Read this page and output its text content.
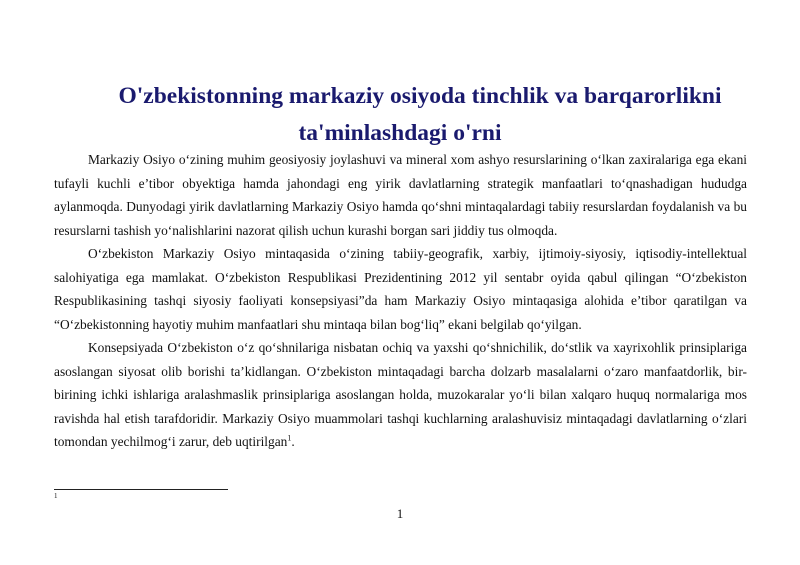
O'zbekistonning markaziy osiyoda tinchlik va barqarorlikni
ta'minlashdagi o'rni

Markaziy Osiyo o‘zining muhim geosiyosiy joylashuvi va mineral xom ashyo resurslarining o‘lkan zaxiralariga ega ekani tufayli kuchli e’tibor obyektiga hamda jahondagi eng yirik davlatlarning strategik manfaatlari to‘qnashadigan hududga aylanmoqda. Dunyodagi yirik davlatlarning Markaziy Osiyo hamda qo‘shni mintaqalardagi tabiiy resurslardan foydalanish va bu resurslarni tashish yo‘nalishlarini nazorat qilish uchun kurashi borgan sari jiddiy tus olmoqda.

O‘zbekiston Markaziy Osiyo mintaqasida o‘zining tabiiy-geografik, xarbiy, ijtimoiy-siyosiy, iqtisodiy-intellektual salohiyatiga ega mamlakat. O‘zbekiston Respublikasi Prezidentining 2012 yil sentabr oyida qabul qilingan “O‘zbekiston Respublikasining tashqi siyosiy faoliyati konsepsiyasi”da ham Markaziy Osiyo mintaqasiga alohida e’tibor qaratilgan va “O‘zbekistonning hayotiy muhim manfaatlari shu mintaqa bilan bog‘liq” ekani belgilab qo‘yilgan.

Konsepsiyada O‘zbekiston o‘z qo‘shnilariga nisbatan ochiq va yaxshi qo‘shnichilik, do‘stlik va xayrixohlik prinsiplariga asoslangan siyosat olib borishi ta’kidlangan. O‘zbekiston mintaqadagi barcha dolzarb masalalarni o‘zaro manfaatdorlik, bir-birining ichki ishlariga aralashmaslik prinsiplariga asoslangan holda, muzokaralar yo‘li bilan xalqaro huquq normalariga mos ravishda hal etish tarafdoridir. Markaziy Osiyo muammolari tashqi kuchlarning aralashuvisiz mintaqadagi davlatlarning o‘zlari tomondan yechilmog‘i zarur, deb uqtirilgan$^1$.

1
1
